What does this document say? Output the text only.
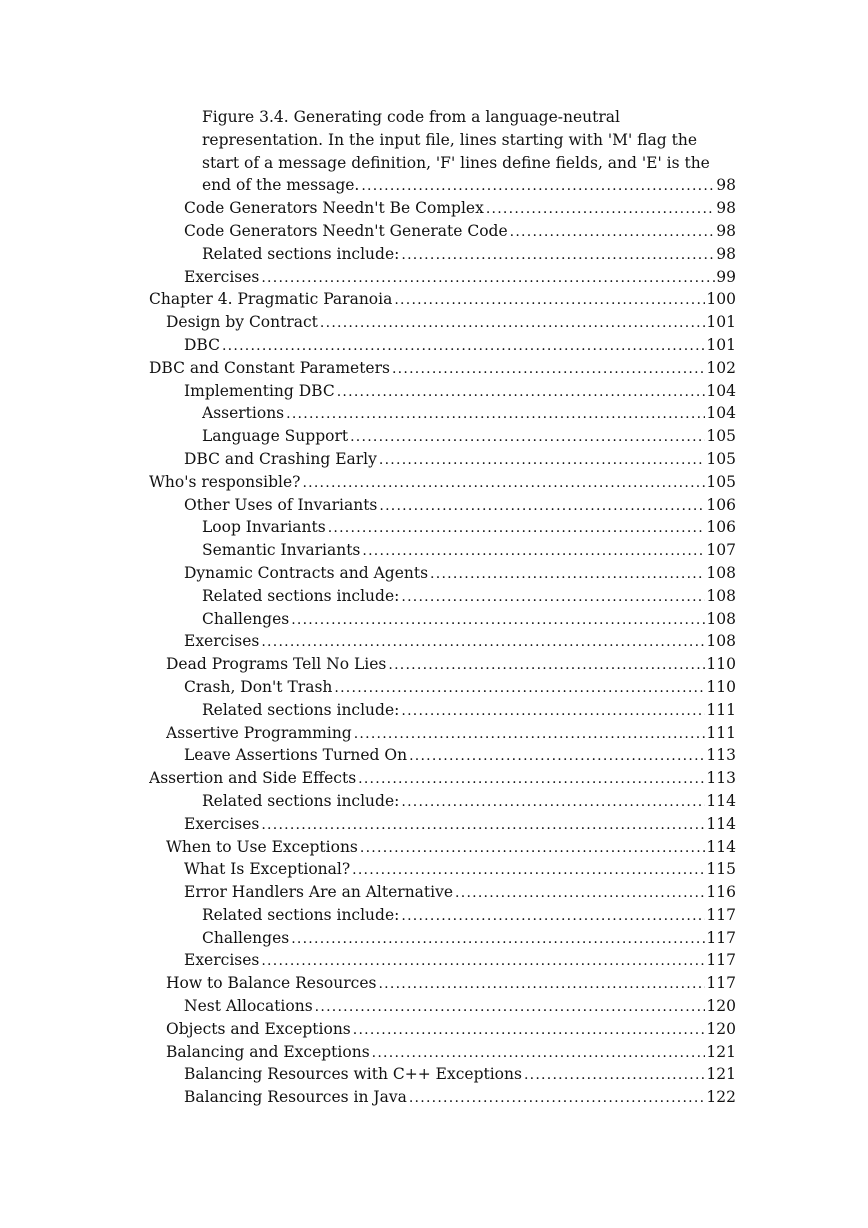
Figure 3.4. Generating code from a language-neutral
representation. In the input file, lines starting with 'M' flag the
start of a message definition, 'F' lines define fields, and 'E' is the
end of the message. . . .	98
Code Generators Needn't Be Complex . . .	98
Code Generators Needn't Generate Code . . .	98
Related sections include: . . .	98
Exercises . . .	99
Chapter 4. Pragmatic Paranoia . . .	100
Design by Contract . . .	101
DBC . . .	101
DBC and Constant Parameters . . .	102
Implementing DBC . . .	104
Assertions . . .	104
Language Support . . .	105
DBC and Crashing Early . . .	105
Who's responsible? . . .	105
Other Uses of Invariants . . .	106
Loop Invariants . . .	106
Semantic Invariants . . .	107
Dynamic Contracts and Agents . . .	108
Related sections include: . . .	108
Challenges . . .	108
Exercises . . .	108
Dead Programs Tell No Lies . . .	110
Crash, Don't Trash . . .	110
Related sections include: . . .	111
Assertive Programming . . .	111
Leave Assertions Turned On . . .	113
Assertion and Side Effects . . .	113
Related sections include: . . .	114
Exercises . . .	114
When to Use Exceptions . . .	114
What Is Exceptional? . . .	115
Error Handlers Are an Alternative . . .	116
Related sections include: . . .	117
Challenges . . .	117
Exercises . . .	117
How to Balance Resources . . .	117
Nest Allocations . . .	120
Objects and Exceptions . . .	120
Balancing and Exceptions . . .	121
Balancing Resources with C++ Exceptions . . .	121
Balancing Resources in Java . . .	122
